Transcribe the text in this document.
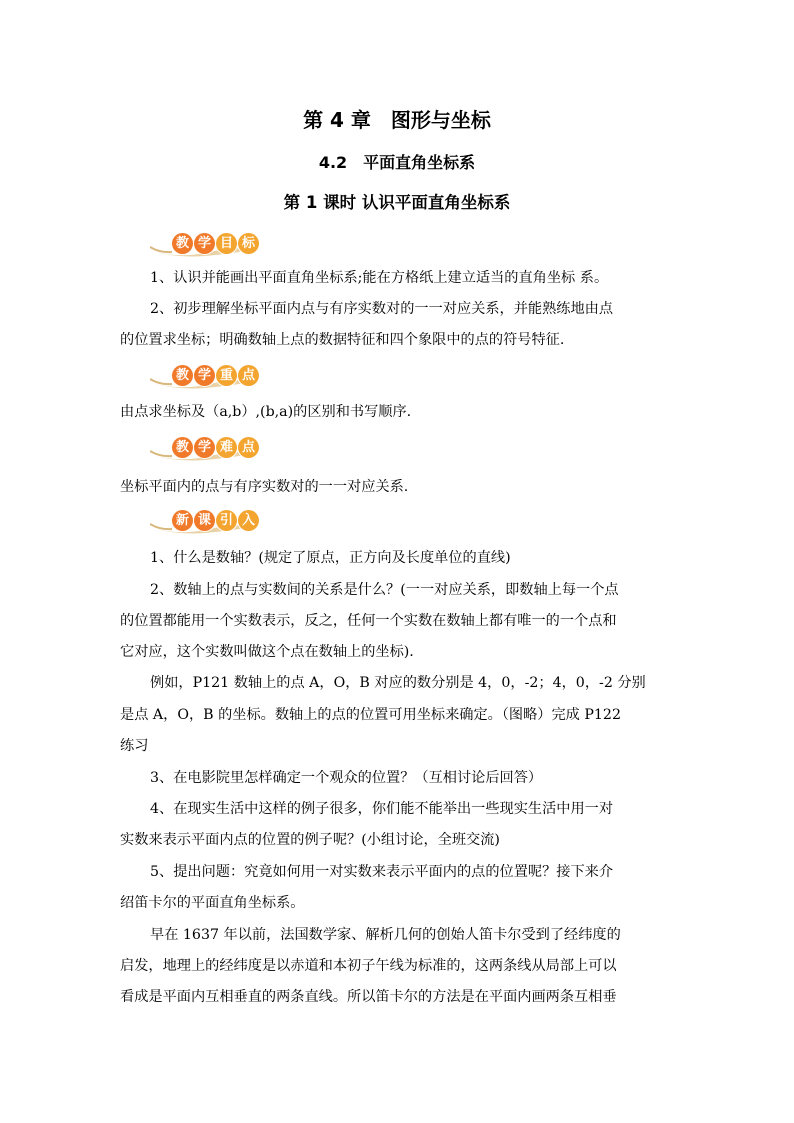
第 4 章　图形与坐标
4.2　平面直角坐标系
第 1 课时 认识平面直角坐标系
教 学 目 标
1、认识并能画出平面直角坐标系;能在方格纸上建立适当的直角坐标 系。
2、初步理解坐标平面内点与有序实数对的一一对应关系，并能熟练地由点
的位置求坐标；明确数轴上点的数据特征和四个象限中的点的符号特征.
教 学 重 点
由点求坐标及（a,b）,(b,a)的区别和书写顺序.
教 学 难 点
坐标平面内的点与有序实数对的一一对应关系.
新 课 引 入
1、什么是数轴？(规定了原点，正方向及长度单位的直线)
2、数轴上的点与实数间的关系是什么？(一一对应关系，即数轴上每一个点
的位置都能用一个实数表示，反之，任何一个实数在数轴上都有唯一的一个点和
它对应，这个实数叫做这个点在数轴上的坐标).
例如，P121 数轴上的点 A，O，B 对应的数分别是 4，0，-2；4，0，-2 分别
是点 A，O，B 的坐标。数轴上的点的位置可用坐标来确定。（图略）完成 P122
练习
3、在电影院里怎样确定一个观众的位置？（互相讨论后回答）
4、在现实生活中这样的例子很多，你们能不能举出一些现实生活中用一对
实数来表示平面内点的位置的例子呢？(小组讨论，全班交流)
5、提出问题：究竟如何用一对实数来表示平面内的点的位置呢？接下来介
绍笛卡尔的平面直角坐标系。
早在 1637 年以前，法国数学家、解析几何的创始人笛卡尔受到了经纬度的
启发，地理上的经纬度是以赤道和本初子午线为标准的，这两条线从局部上可以
看成是平面内互相垂直的两条直线。所以笛卡尔的方法是在平面内画两条互相垂
